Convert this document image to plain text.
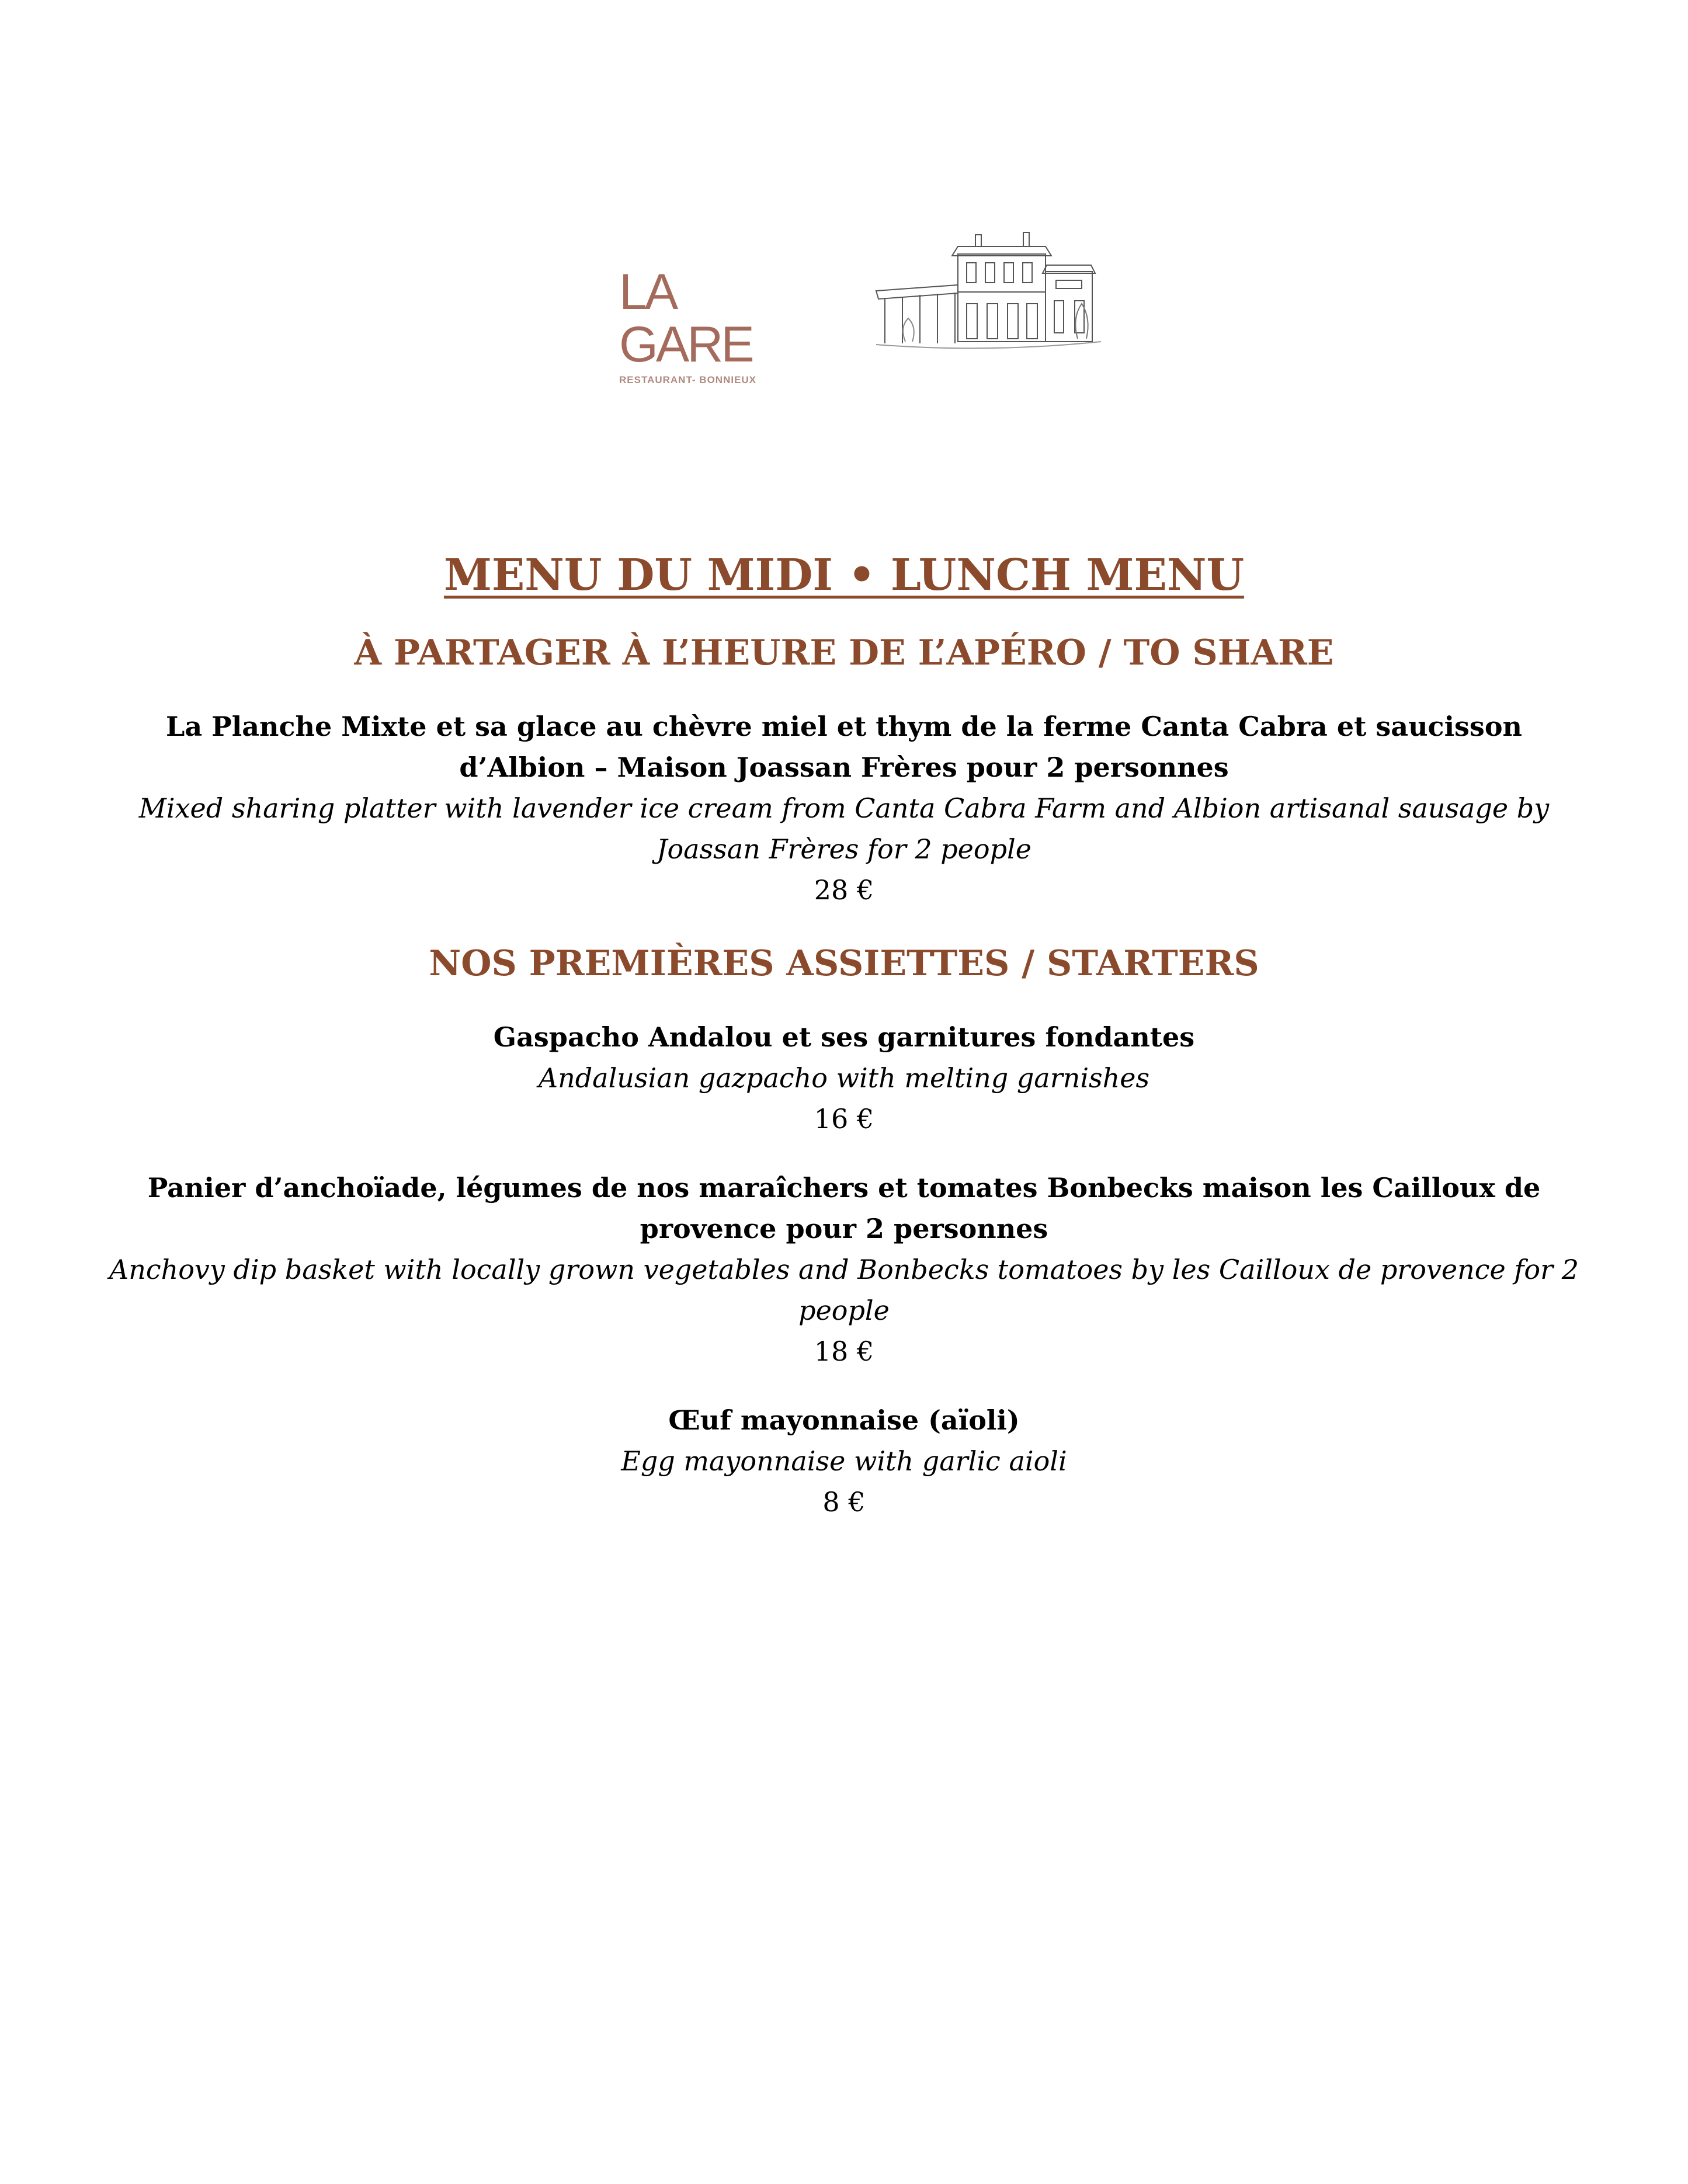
LA GARE
RESTAURANT- BONNIEUX
MENU DU MIDI • LUNCH MENU
À PARTAGER À L’HEURE DE L’APÉRO / TO SHARE

La Planche Mixte et sa glace au chèvre miel et thym de la ferme Canta Cabra et saucisson d’Albion – Maison Joassan Frères pour 2 personnes

Mixed sharing platter with lavender ice cream from Canta Cabra Farm and Albion artisanal sausage by Joassan Frères for 2 people

28 €

NOS PREMIÈRES ASSIETTES / STARTERS

Gaspacho Andalou et ses garnitures fondantes

Andalusian gazpacho with melting garnishes

16 €

Panier d’anchoïade, légumes de nos maraîchers et tomates Bonbecks maison les Cailloux de provence pour 2 personnes

Anchovy dip basket with locally grown vegetables and Bonbecks tomatoes by les Cailloux de provence for 2 people

18 €

Œuf mayonnaise (aïoli)

Egg mayonnaise with garlic aioli

8 €
